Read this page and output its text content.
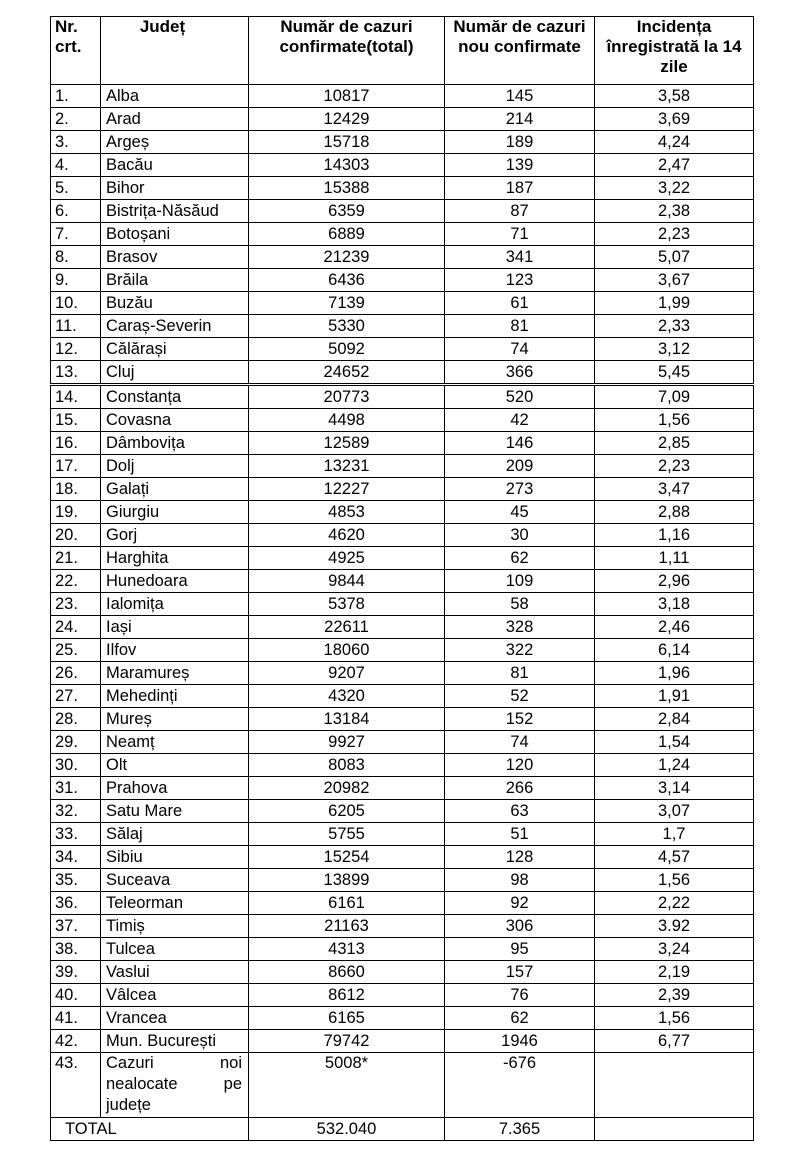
Nr. crt.	Județ	Număr de cazuri confirmate(total)	Număr de cazuri nou confirmate	Incidența înregistrată la 14 zile
1.	Alba	10817	145	3,58
2.	Arad	12429	214	3,69
3.	Argeș	15718	189	4,24
4.	Bacău	14303	139	2,47
5.	Bihor	15388	187	3,22
6.	Bistrița-Năsăud	6359	87	2,38
7.	Botoșani	6889	71	2,23
8.	Brasov	21239	341	5,07
9.	Brăila	6436	123	3,67
10.	Buzău	7139	61	1,99
11.	Caraș-Severin	5330	81	2,33
12.	Călărași	5092	74	3,12
13.	Cluj	24652	366	5,45
14.	Constanța	20773	520	7,09
15.	Covasna	4498	42	1,56
16.	Dâmbovița	12589	146	2,85
17.	Dolj	13231	209	2,23
18.	Galați	12227	273	3,47
19.	Giurgiu	4853	45	2,88
20.	Gorj	4620	30	1,16
21.	Harghita	4925	62	1,11
22.	Hunedoara	9844	109	2,96
23.	Ialomița	5378	58	3,18
24.	Iași	22611	328	2,46
25.	Ilfov	18060	322	6,14
26.	Maramureș	9207	81	1,96
27.	Mehedinți	4320	52	1,91
28.	Mureș	13184	152	2,84
29.	Neamț	9927	74	1,54
30.	Olt	8083	120	1,24
31.	Prahova	20982	266	3,14
32.	Satu Mare	6205	63	3,07
33.	Sălaj	5755	51	1,7
34.	Sibiu	15254	128	4,57
35.	Suceava	13899	98	1,56
36.	Teleorman	6161	92	2,22
37.	Timiș	21163	306	3.92
38.	Tulcea	4313	95	3,24
39.	Vaslui	8660	157	2,19
40.	Vâlcea	8612	76	2,39
41.	Vrancea	6165	62	1,56
42.	Mun. București	79742	1946	6,77
43.	Cazuri noi
nealocate pe
județe	5008*	-676	
TOTAL		532.040	7.365	
